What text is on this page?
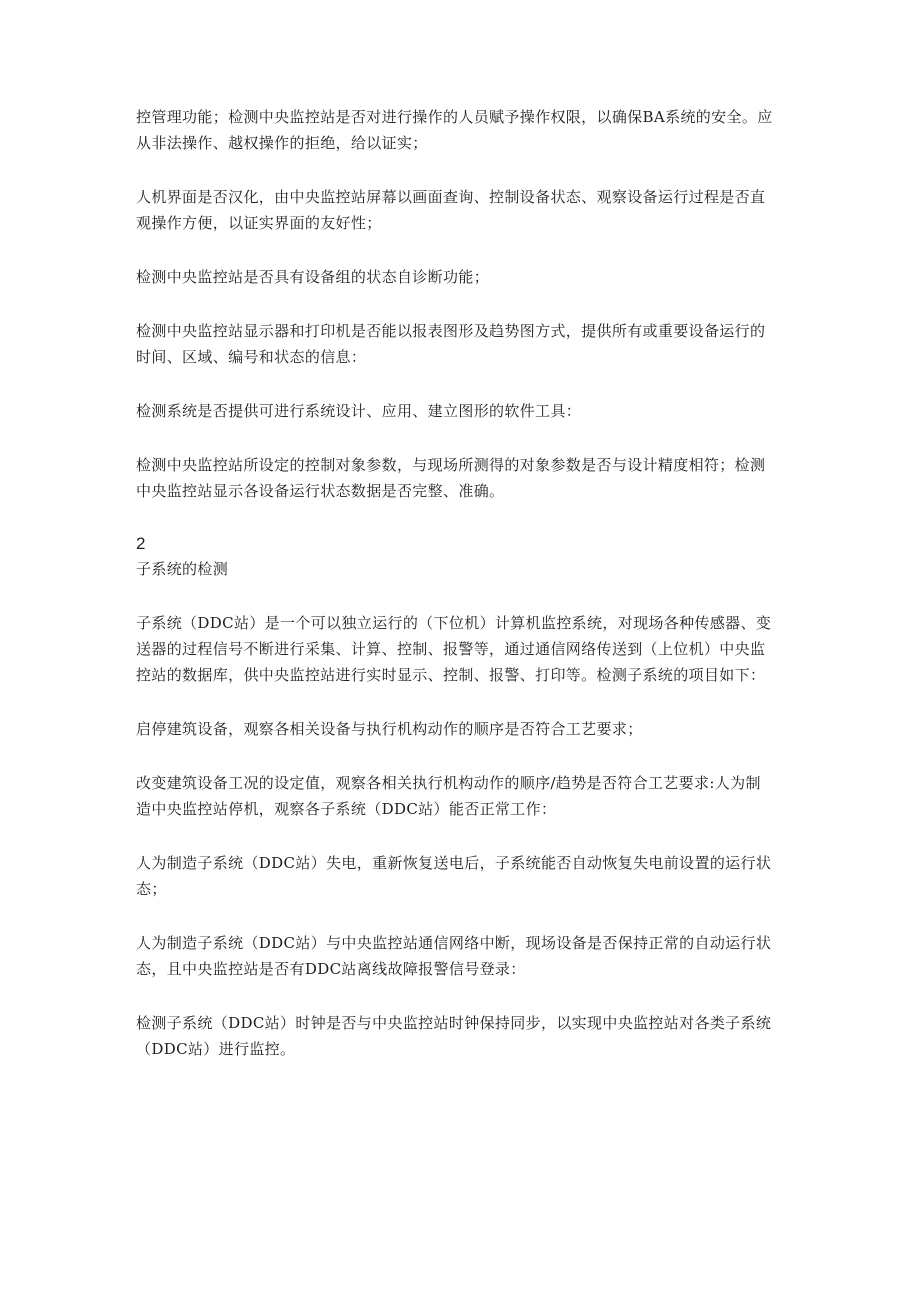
控管理功能；检测中央监控站是否对进行操作的人员赋予操作权限，以确保BA系统的安全。应
从非法操作、越权操作的拒绝，给以证实；

人机界面是否汉化，由中央监控站屏幕以画面查询、控制设备状态、观察设备运行过程是否直
观操作方便，以证实界面的友好性；

检测中央监控站是否具有设备组的状态自诊断功能；

检测中央监控站显示器和打印机是否能以报表图形及趋势图方式，提供所有或重要设备运行的
时间、区域、编号和状态的信息：

检测系统是否提供可进行系统设计、应用、建立图形的软件工具：

检测中央监控站所设定的控制对象参数，与现场所测得的对象参数是否与设计精度相符；检测
中央监控站显示各设备运行状态数据是否完整、准确。

2
子系统的检测

子系统（DDC站）是一个可以独立运行的（下位机）计算机监控系统，对现场各种传感器、变
送器的过程信号不断进行采集、计算、控制、报警等，通过通信网络传送到（上位机）中央监
控站的数据库，供中央监控站进行实时显示、控制、报警、打印等。检测子系统的项目如下：

启停建筑设备，观察各相关设备与执行机构动作的顺序是否符合工艺要求；

改变建筑设备工况的设定值，观察各相关执行机构动作的顺序/趋势是否符合工艺要求:人为制
造中央监控站停机，观察各子系统（DDC站）能否正常工作：

人为制造子系统（DDC站）失电，重新恢复送电后，子系统能否自动恢复失电前设置的运行状
态；

人为制造子系统（DDC站）与中央监控站通信网络中断，现场设备是否保持正常的自动运行状
态，且中央监控站是否有DDC站离线故障报警信号登录：

检测子系统（DDC站）时钟是否与中央监控站时钟保持同步，以实现中央监控站对各类子系统
（DDC站）进行监控。
